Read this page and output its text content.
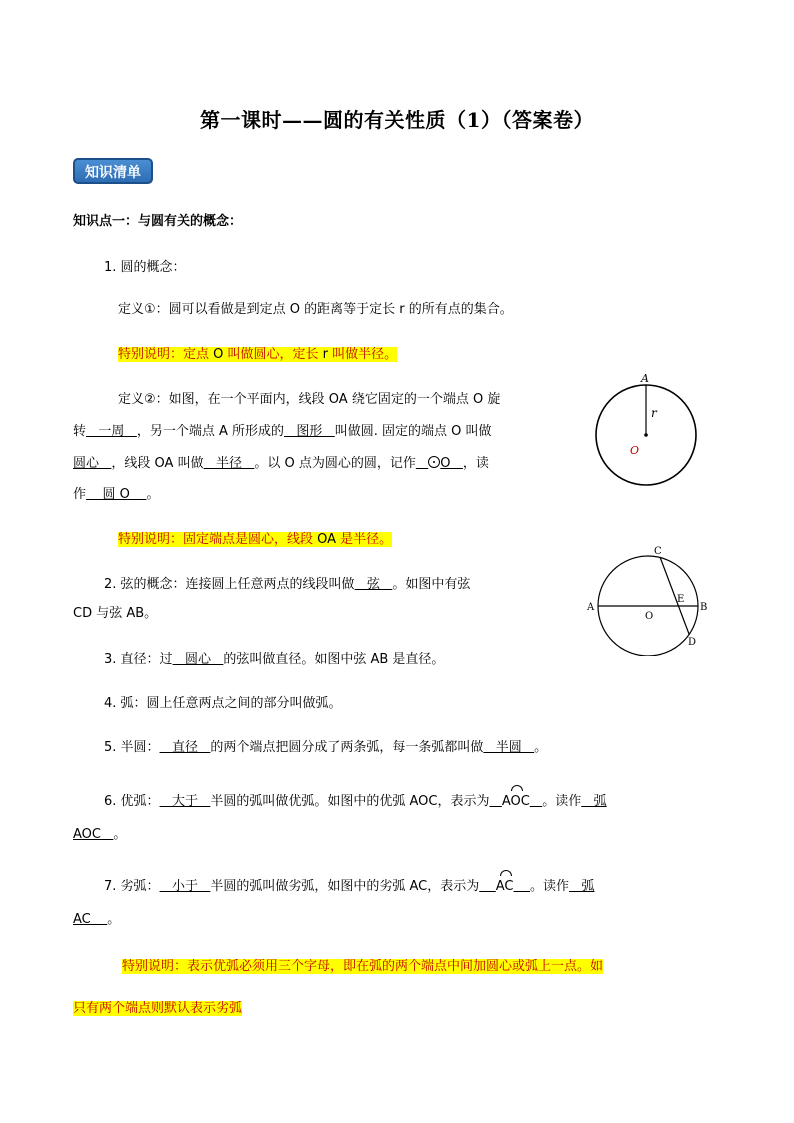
第一课时——圆的有关性质（1）（答案卷）
知识清单
知识点一：与圆有关的概念：
1. 圆的概念：
定义①：圆可以看做是到定点 O 的距离等于定长 r 的所有点的集合。
特别说明：定点 O 叫做圆心，定长 r 叫做半径。
定义②：如图，在一个平面内，线段 OA 绕它固定的一个端点 O 旋
转   一周   ，另一个端点 A 所形成的   图形   叫做圆. 固定的端点 O 叫做
圆心   ，线段 OA 叫做   半径   。以 O 点为圆心的圆，记作 O ，读
作    圆 O    。
特别说明：固定端点是圆心，线段 OA 是半径。
A
r
O
2. 弦的概念：连接圆上任意两点的线段叫做   弦   。如图中有弦
CD 与弦 AB。	A	B
C
D
E
O
3. 直径：过   圆心   的弦叫做直径。如图中弦 AB 是直径。
4. 弧：圆上任意两点之间的部分叫做弧。
5. 半圆：   直径   的两个端点把圆分成了两条弧，每一条弧都叫做   半圆   。
6. 优弧：   大于   半圆的弧叫做优弧。如图中的优弧 AOC，表示为 AOC 。读作   弧
AOC   。
7. 劣弧：   小于   半圆的弧叫做劣弧，如图中的劣弧 AC，表示为 AC 。读作   弧
AC    。
特别说明：表示优弧必须用三个字母，即在弧的两个端点中间加圆心或弧上一点。如
只有两个端点则默认表示劣弧
